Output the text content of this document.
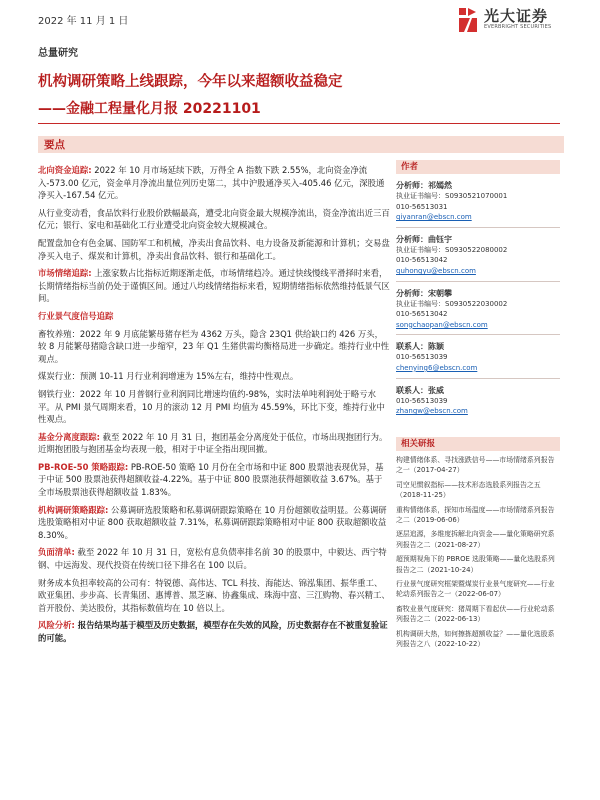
2022 年 11 月 1 日	光大证券
EVERBRIGHT SECURITIES
总量研究
机构调研策略上线跟踪，今年以来超额收益稳定
——金融工程量化月报 20221101
要点

北向资金追踪: 2022 年 10 月市场延续下跌，万得全 A 指数下跌 2.55%，北向资金净流入-573.00 亿元，资金单月净流出量位列历史第二，其中沪股通净买入-405.46 亿元，深股通净买入-167.54 亿元。

从行业变动看，食品饮料行业股价跌幅最高，遭受北向资金最大规模净流出，资金净流出近三百亿元；银行、家电和基础化工行业遭受北向资金较大规模减仓。

配置盘加仓有色金属、国防军工和机械，净卖出食品饮料、电力设备及新能源和计算机；交易盘净买入电子、煤炭和计算机，净卖出食品饮料、银行和基础化工。

市场情绪追踪: 上涨家数占比指标近期逐渐走低，市场情绪趋冷。通过快线慢线平滑择时来看，长期情绪指标当前仍处于谨慎区间。通过八均线情绪指标来看，短期情绪指标依然维持低景气区间。

行业景气度信号追踪

畜牧养殖：2022 年 9 月底能繁母猪存栏为 4362 万头，隐含 23Q1 供给缺口约 426 万头，较 8 月能繁母猪隐含缺口进一步缩窄，23 年 Q1 生猪供需均衡格局进一步确定。维持行业中性观点。

煤炭行业：预测 10-11 月行业利润增速为 15%左右，维持中性观点。

钢铁行业：2022 年 10 月普钢行业利润同比增速均值约-98%，实时法单吨利润处于略亏水平。从 PMI 景气周期来看，10 月的滚动 12 月 PMI 均值为 45.59%，环比下变，维持行业中性观点。

基金分离度跟踪: 截至 2022 年 10 月 31 日，抱团基金分离度处于低位，市场出现抱团行为。近期抱团股与抱团基金均表现一般，相对于中证全指出现回撤。

PB-ROE-50 策略跟踪: PB-ROE-50 策略 10 月份在全市场和中证 800 股票池表现优异，基于中证 500 股票池获得超额收益-4.22%。基于中证 800 股票池获得超额收益 3.67%。基于全市场股票池获得超额收益 1.83%。

机构调研策略跟踪: 公募调研选股策略和私募调研跟踪策略在 10 月份超额收益明显。公募调研选股策略相对中证 800 获取超额收益 7.31%，私募调研跟踪策略相对中证 800 获取超额收益 8.30%。

负面清单: 截至 2022 年 10 月 31 日，宽松有息负债率排名前 30 的股票中，中毅达、西宁特钢、中远海发、现代投资在传统口径下排名在 100 以后。

财务成本负担率较高的公司有：特锐德、高伟达、TCL 科技、海能达、锦泓集团、振华重工、欧亚集团、步步高、长青集团、惠博普、黑芝麻、协鑫集成、珠海中富、三江购物、春兴精工、首开股份、美达股份，其指标数值均在 10 倍以上。

风险分析: 报告结果均基于模型及历史数据，模型存在失效的风险，历史数据存在不被重复验证的可能。

作者
分析师：祁嫣然
执业证书编号：S0930521070001
010-56513031
qiyanran@ebscn.com
分析师：曲钰宇
执业证书编号：S0930522080002
010-56513042
quhongyu@ebscn.com
分析师：宋朝攀
执业证书编号：S0930522030002
010-56513042
songchaopan@ebscn.com
联系人：陈颖
010-56513039
chenying6@ebscn.com
联系人：张威
010-56513039
zhangw@ebscn.com
相关研报
构建情绪体系、寻找涨跌信号——市场情绪系列报告之一（2017-04-27）
司空见惯叙指标——技术形态选股系列报告之五（2018-11-25）
重构情绪体系，探知市场温度——市场情绪系列报告之二（2019-06-06）
逐层追源，多维度拆解北向资金——量化策略研究系列报告之二（2021-08-27）
超预期视角下的 PBROE 选股策略——量化选股系列报告之二（2021-10-24）
行业景气度研究框架暨煤炭行业景气度研究——行业轮动系列报告之一（2022-06-07）
畜牧业景气度研究：猪周期下看起伏——行业轮动系列报告之二（2022-06-13）
机构调研大热，如何擦拣超额收益？——量化选股系列报告之八（2022-10-22）
